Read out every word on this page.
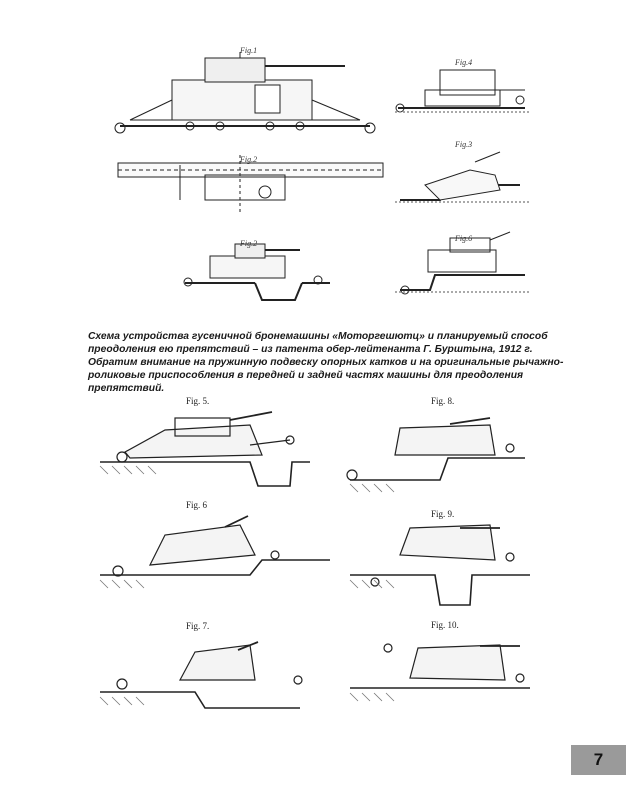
Fig.1
Fig.4
Fig.2
Fig.3
Fig.2
Fig.6
Схема устройства гусеничной бронемашины «Моторгешютц» и планируемый способ преодоления ею препятствий – из патента обер-лейтенанта Г. Бурштына, 1912 г. Обратим внимание на пружинную подвеску опорных катков и на оригинальные рычажно-роликовые приспособления в передней и задней частях машины для преодоления препятствий.
Fig. 5.	Fig. 8.
Fig. 6
Fig. 9.
Fig. 7.	Fig. 10.
7
